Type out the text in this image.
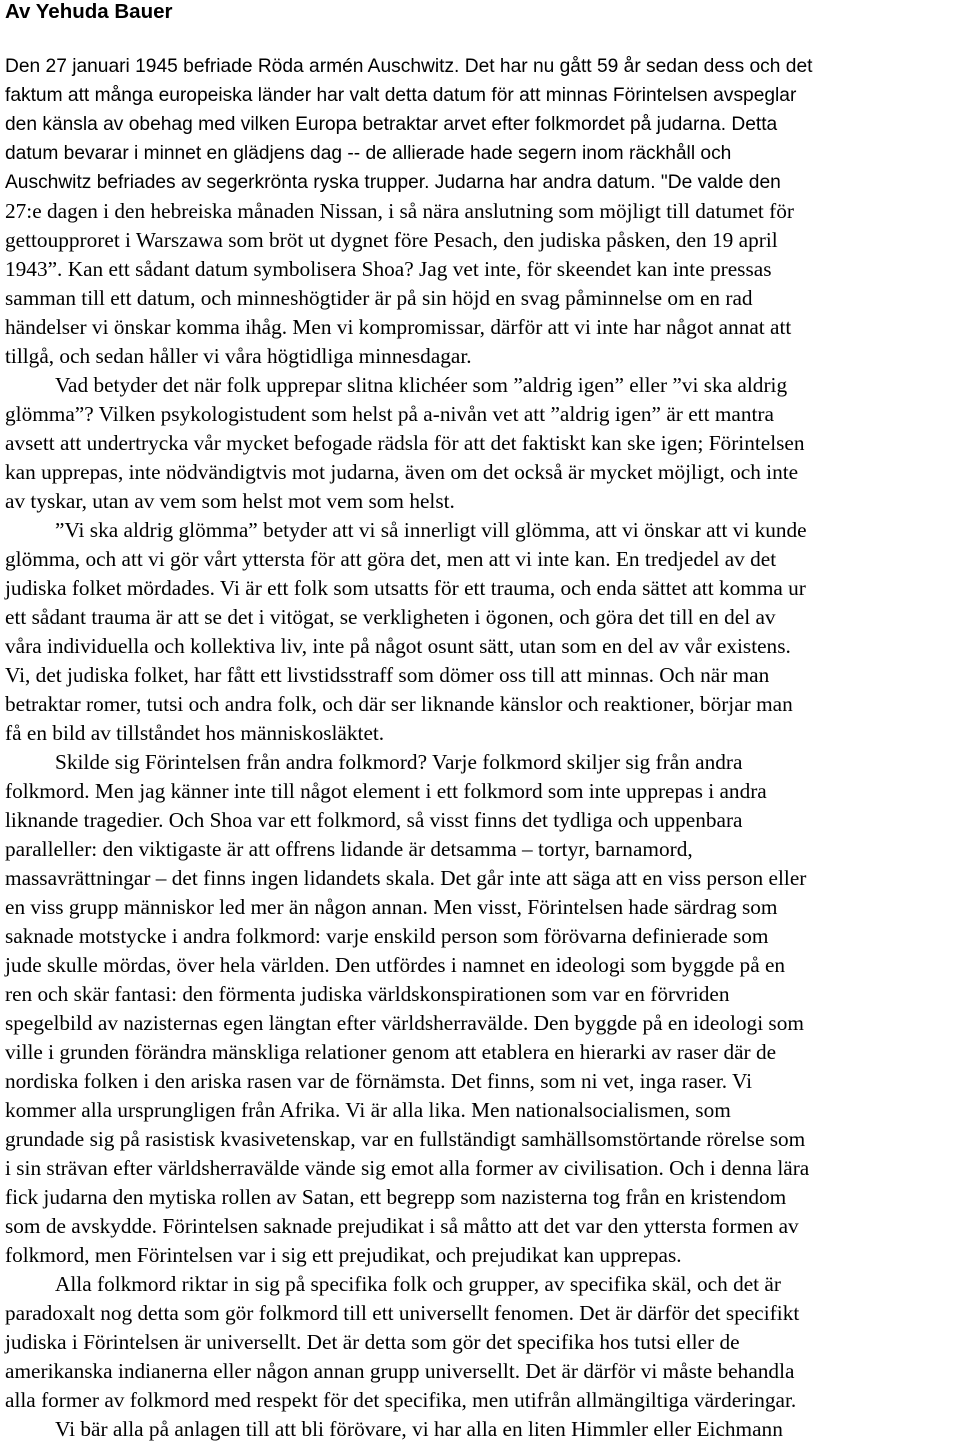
Av Yehuda Bauer
Den 27 januari 1945 befriade Röda armén Auschwitz. Det har nu gått 59 år sedan dess och det
faktum att många europeiska länder har valt detta datum för att minnas Förintelsen avspeglar
den känsla av obehag med vilken Europa betraktar arvet efter folkmordet på judarna. Detta
datum bevarar i minnet en glädjens dag -- de allierade hade segern inom räckhåll och
Auschwitz befriades av segerkrönta ryska trupper. Judarna har andra datum. "De valde den
27:e dagen i den hebreiska månaden Nissan, i så nära anslutning som möjligt till datumet för
gettoupproret i Warszawa som bröt ut dygnet före Pesach, den judiska påsken, den 19 april
1943”. Kan ett sådant datum symbolisera Shoa? Jag vet inte, för skeendet kan inte pressas
samman till ett datum, och minneshögtider är på sin höjd en svag påminnelse om en rad
händelser vi önskar komma ihåg. Men vi kompromissar, därför att vi inte har något annat att
tillgå, och sedan håller vi våra högtidliga minnesdagar.
Vad betyder det när folk upprepar slitna klichéer som ”aldrig igen” eller ”vi ska aldrig
glömma”? Vilken psykologistudent som helst på a-nivån vet att ”aldrig igen” är ett mantra
avsett att undertrycka vår mycket befogade rädsla för att det faktiskt kan ske igen; Förintelsen
kan upprepas, inte nödvändigtvis mot judarna, även om det också är mycket möjligt, och inte
av tyskar, utan av vem som helst mot vem som helst.
”Vi ska aldrig glömma” betyder att vi så innerligt vill glömma, att vi önskar att vi kunde
glömma, och att vi gör vårt yttersta för att göra det, men att vi inte kan. En tredjedel av det
judiska folket mördades. Vi är ett folk som utsatts för ett trauma, och enda sättet att komma ur
ett sådant trauma är att se det i vitögat, se verkligheten i ögonen, och göra det till en del av
våra individuella och kollektiva liv, inte på något osunt sätt, utan som en del av vår existens.
Vi, det judiska folket, har fått ett livstidsstraff som dömer oss till att minnas. Och när man
betraktar romer, tutsi och andra folk, och där ser liknande känslor och reaktioner, börjar man
få en bild av tillståndet hos människosläktet.
Skilde sig Förintelsen från andra folkmord? Varje folkmord skiljer sig från andra
folkmord. Men jag känner inte till något element i ett folkmord som inte upprepas i andra
liknande tragedier. Och Shoa var ett folkmord, så visst finns det tydliga och uppenbara
paralleller: den viktigaste är att offrens lidande är detsamma – tortyr, barnamord,
massavrättningar – det finns ingen lidandets skala. Det går inte att säga att en viss person eller
en viss grupp människor led mer än någon annan. Men visst, Förintelsen hade särdrag som
saknade motstycke i andra folkmord: varje enskild person som förövarna definierade som
jude skulle mördas, över hela världen. Den utfördes i namnet en ideologi som byggde på en
ren och skär fantasi: den förmenta judiska världskonspirationen som var en förvriden
spegelbild av nazisternas egen längtan efter världsherravälde. Den byggde på en ideologi som
ville i grunden förändra mänskliga relationer genom att etablera en hierarki av raser där de
nordiska folken i den ariska rasen var de förnämsta. Det finns, som ni vet, inga raser. Vi
kommer alla ursprungligen från Afrika. Vi är alla lika. Men nationalsocialismen, som
grundade sig på rasistisk kvasivetenskap, var en fullständigt samhällsomstörtande rörelse som
i sin strävan efter världsherravälde vände sig emot alla former av civilisation. Och i denna lära
fick judarna den mytiska rollen av Satan, ett begrepp som nazisterna tog från en kristendom
som de avskydde. Förintelsen saknade prejudikat i så måtto att det var den yttersta formen av
folkmord, men Förintelsen var i sig ett prejudikat, och prejudikat kan upprepas.
Alla folkmord riktar in sig på specifika folk och grupper, av specifika skäl, och det är
paradoxalt nog detta som gör folkmord till ett universellt fenomen. Det är därför det specifikt
judiska i Förintelsen är universellt. Det är detta som gör det specifika hos tutsi eller de
amerikanska indianerna eller någon annan grupp universellt. Det är därför vi måste behandla
alla former av folkmord med respekt för det specifika, men utifrån allmängiltiga värderingar.
Vi bär alla på anlagen till att bli förövare, vi har alla en liten Himmler eller Eichmann
